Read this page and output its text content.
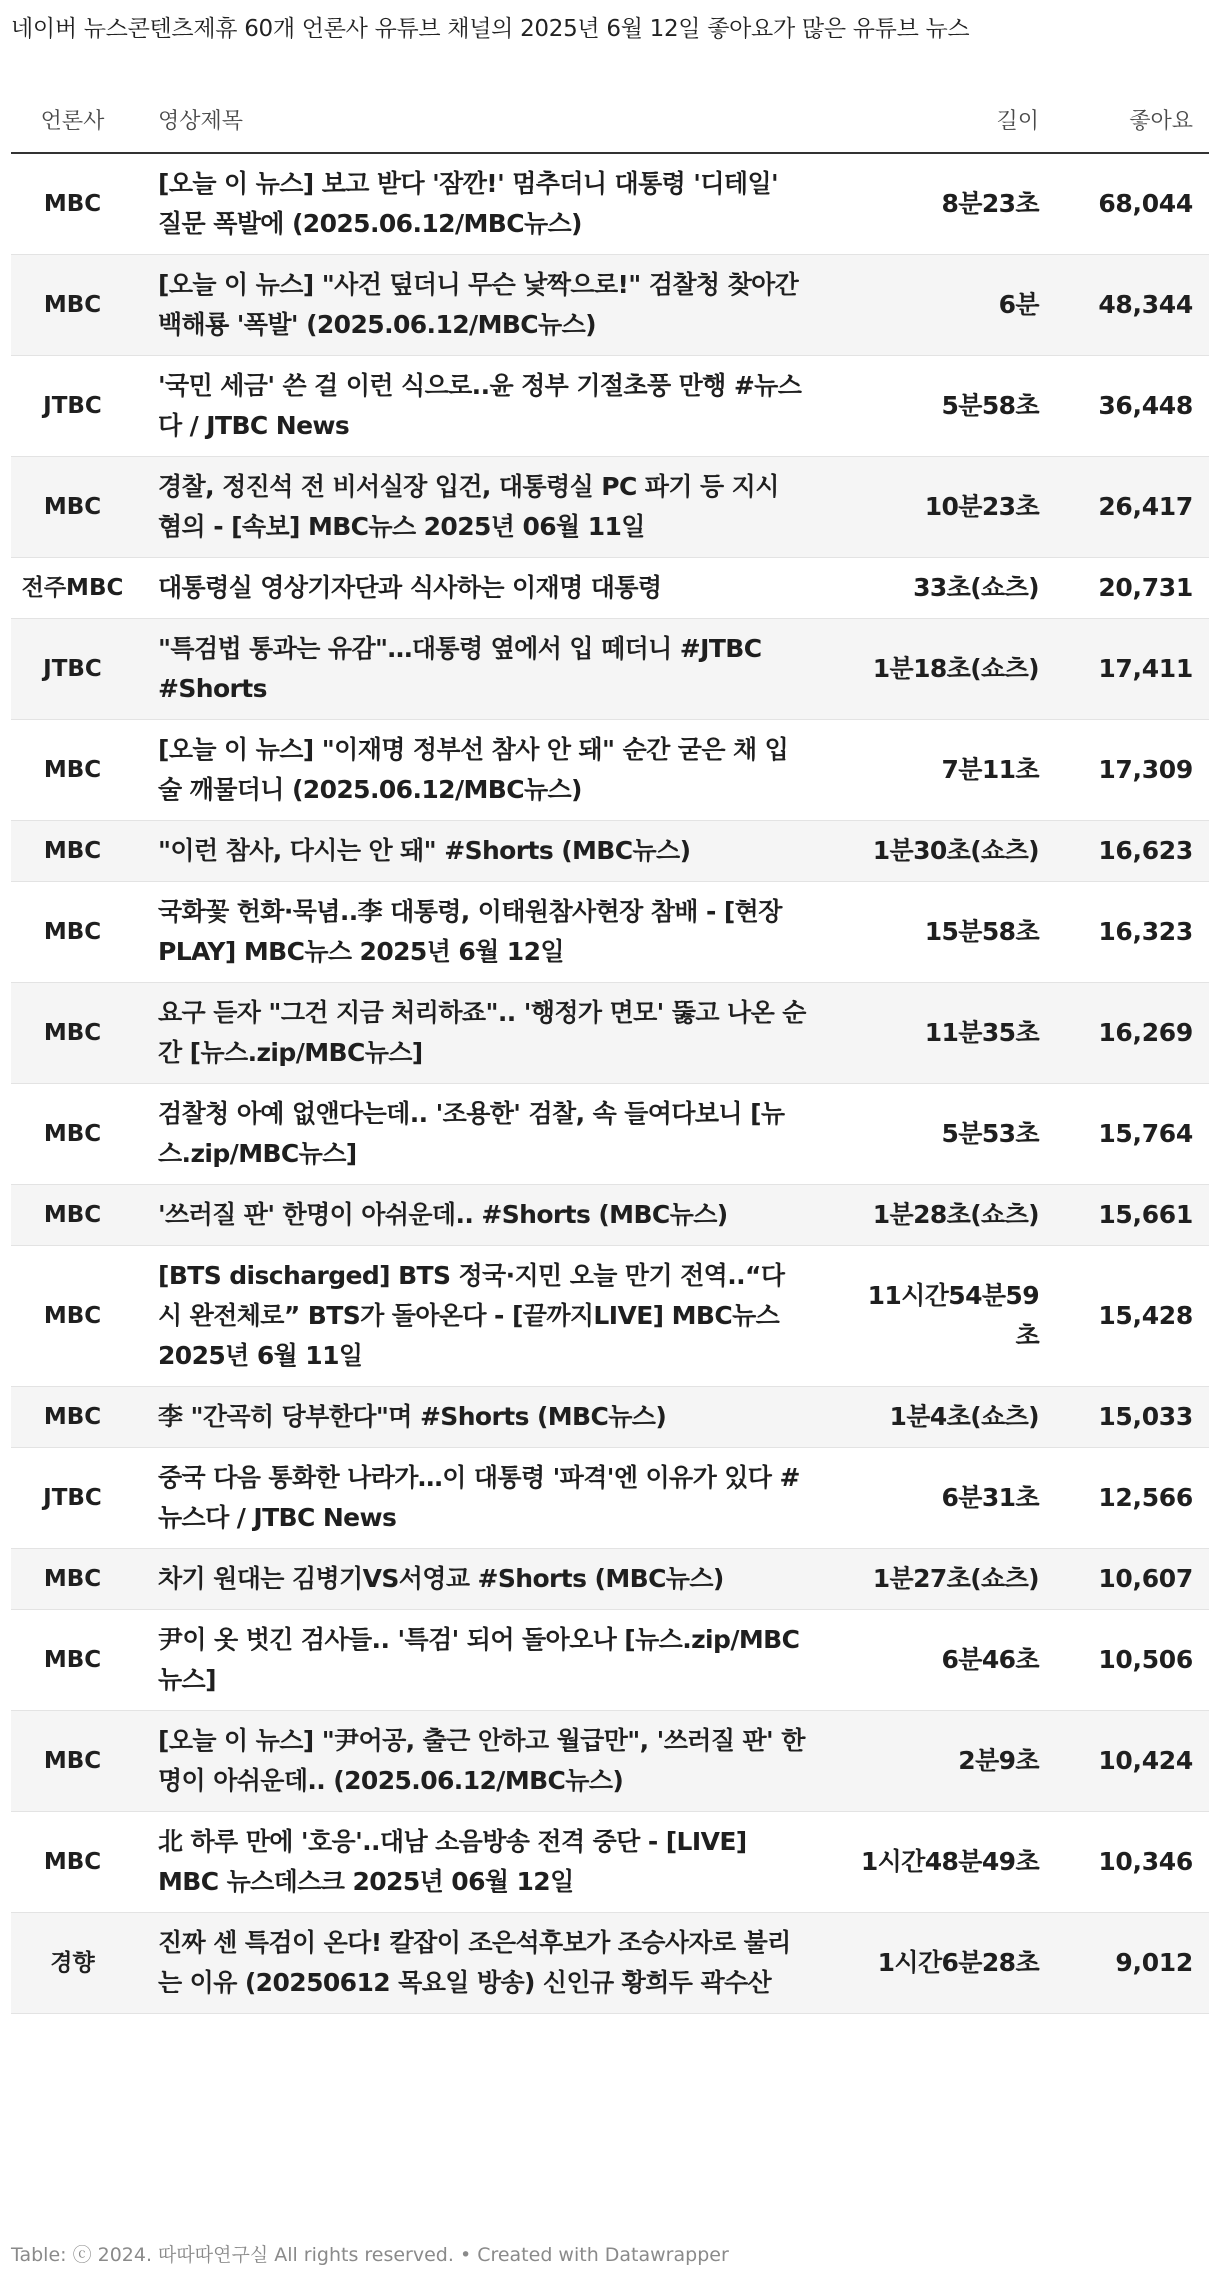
네이버 뉴스콘텐츠제휴 60개 언론사 유튜브 채널의 2025년 6월 12일 좋아요가 많은 유튜브 뉴스
언론사	영상제목	길이	좋아요
MBC	[오늘 이 뉴스] 보고 받다 '잠깐!' 멈추더니 대통령 '디테일' 질문 폭발에 (2025.06.12/MBC뉴스)	8분23초	68,044
MBC	[오늘 이 뉴스] "사건 덮더니 무슨 낯짝으로!" 검찰청 찾아간 백해룡 '폭발' (2025.06.12/MBC뉴스)	6분	48,344
JTBC	'국민 세금' 쓴 걸 이런 식으로..윤 정부 기절초풍 만행 #뉴스다 / JTBC News	5분58초	36,448
MBC	경찰, 정진석 전 비서실장 입건, 대통령실 PC 파기 등 지시 혐의 - [속보] MBC뉴스 2025년 06월 11일	10분23초	26,417
전주MBC	대통령실 영상기자단과 식사하는 이재명 대통령	33초(쇼츠)	20,731
JTBC	"특검법 통과는 유감"…대통령 옆에서 입 떼더니 #JTBC #Shorts	1분18초(쇼츠)	17,411
MBC	[오늘 이 뉴스] "이재명 정부선 참사 안 돼" 순간 굳은 채 입술 깨물더니 (2025.06.12/MBC뉴스)	7분11초	17,309
MBC	"이런 참사, 다시는 안 돼" #Shorts (MBC뉴스)	1분30초(쇼츠)	16,623
MBC	국화꽃 헌화·묵념..李 대통령, 이태원참사현장 참배 - [현장PLAY] MBC뉴스 2025년 6월 12일	15분58초	16,323
MBC	요구 듣자 "그건 지금 처리하죠".. '행정가 면모' 뚫고 나온 순간 [뉴스.zip/MBC뉴스]	11분35초	16,269
MBC	검찰청 아예 없앤다는데.. '조용한' 검찰, 속 들여다보니 [뉴스.zip/MBC뉴스]	5분53초	15,764
MBC	'쓰러질 판' 한명이 아쉬운데.. #Shorts (MBC뉴스)	1분28초(쇼츠)	15,661
MBC	[BTS discharged] BTS 정국·지민 오늘 만기 전역..“다시 완전체로” BTS가 돌아온다 - [끝까지LIVE] MBC뉴스 2025년 6월 11일	11시간54분59초	15,428
MBC	李 "간곡히 당부한다"며 #Shorts (MBC뉴스)	1분4초(쇼츠)	15,033
JTBC	중국 다음 통화한 나라가…이 대통령 '파격'엔 이유가 있다 #뉴스다 / JTBC News	6분31초	12,566
MBC	차기 원대는 김병기VS서영교 #Shorts (MBC뉴스)	1분27초(쇼츠)	10,607
MBC	尹이 옷 벗긴 검사들.. '특검' 되어 돌아오나 [뉴스.zip/MBC뉴스]	6분46초	10,506
MBC	[오늘 이 뉴스] "尹어공, 출근 안하고 월급만", '쓰러질 판' 한명이 아쉬운데.. (2025.06.12/MBC뉴스)	2분9초	10,424
MBC	北 하루 만에 '호응'..대남 소음방송 전격 중단 - [LIVE] MBC 뉴스데스크 2025년 06월 12일	1시간48분49초	10,346
경향	진짜 센 특검이 온다! 칼잡이 조은석후보가 조승사자로 불리는 이유 (20250612 목요일 방송) 신인규 황희두 곽수산	1시간6분28초	9,012
Table: ⓒ 2024. 따따따연구실 All rights reserved. • Created with Datawrapper
